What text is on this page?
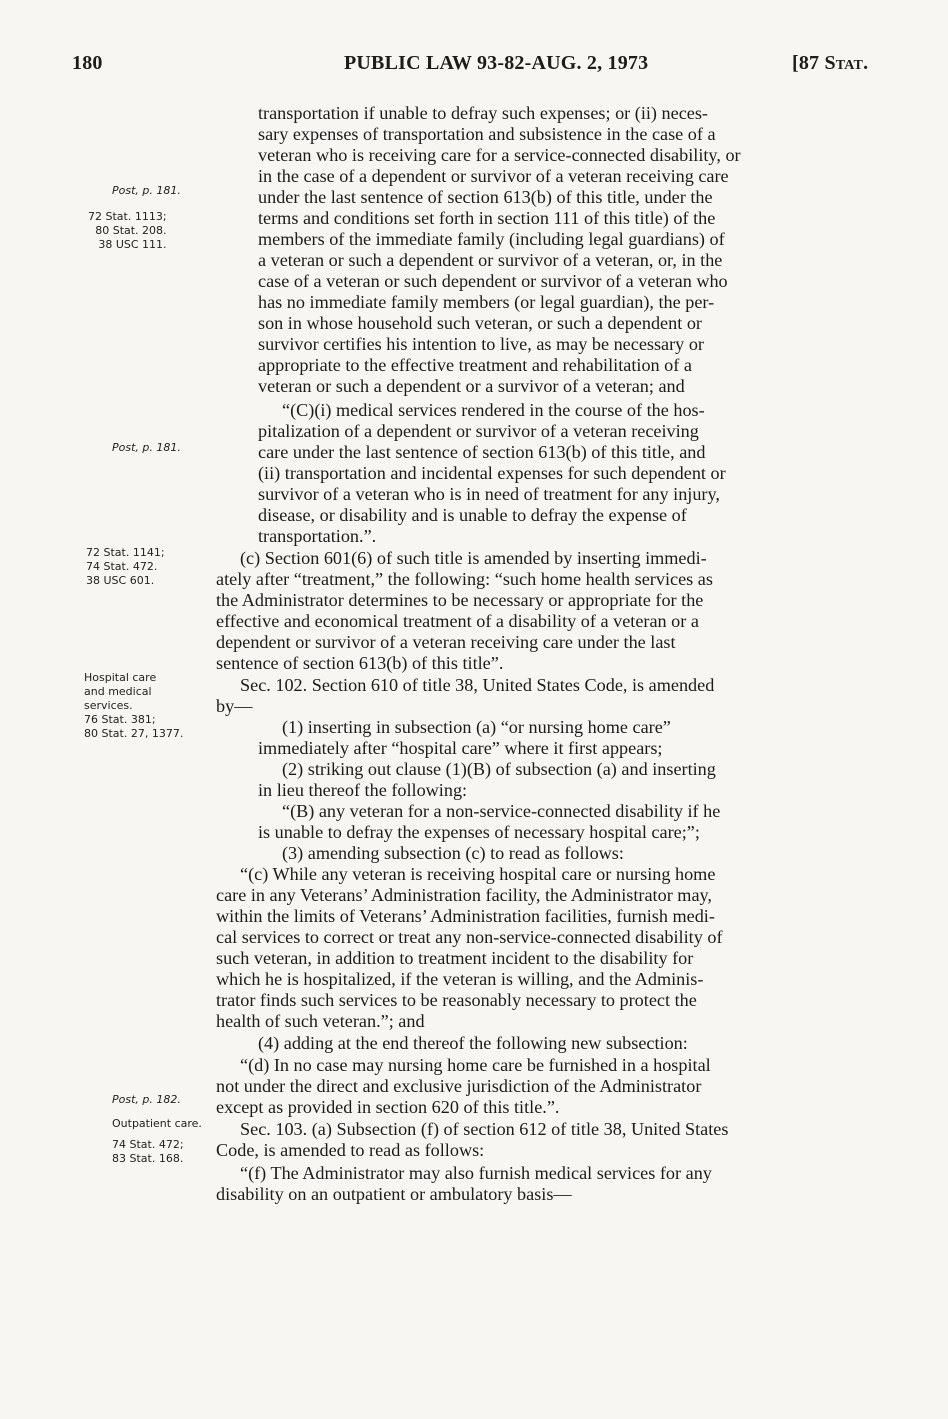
180	PUBLIC LAW 93-82-AUG. 2, 1973	[87 Stat.
Post, p. 181.
72 Stat. 1113;
80 Stat. 208.
38 USC 111.
Post, p. 181.
72 Stat. 1141;
74 Stat. 472.
38 USC 601.
Hospital care
and medical
services.
76 Stat. 381;
80 Stat. 27, 1377.
Post, p. 182.
Outpatient care.
74 Stat. 472;
83 Stat. 168.
transportation if unable to defray such expenses; or (ii) neces-
sary expenses of transportation and subsistence in the case of a
veteran who is receiving care for a service-connected disability, or
in the case of a dependent or survivor of a veteran receiving care
under the last sentence of section 613(b) of this title, under the
terms and conditions set forth in section 111 of this title) of the
members of the immediate family (including legal guardians) of
a veteran or such a dependent or survivor of a veteran, or, in the
case of a veteran or such dependent or survivor of a veteran who
has no immediate family members (or legal guardian), the per-
son in whose household such veteran, or such a dependent or
survivor certifies his intention to live, as may be necessary or
appropriate to the effective treatment and rehabilitation of a
veteran or such a dependent or a survivor of a veteran; and
“(C)(i) medical services rendered in the course of the hos-
pitalization of a dependent or survivor of a veteran receiving
care under the last sentence of section 613(b) of this title, and
(ii) transportation and incidental expenses for such dependent or
survivor of a veteran who is in need of treatment for any injury,
disease, or disability and is unable to defray the expense of
transportation.”.
(c) Section 601(6) of such title is amended by inserting immedi-
ately after “treatment,” the following: “such home health services as
the Administrator determines to be necessary or appropriate for the
effective and economical treatment of a disability of a veteran or a
dependent or survivor of a veteran receiving care under the last
sentence of section 613(b) of this title”.
Sec. 102. Section 610 of title 38, United States Code, is amended
by—
(1) inserting in subsection (a) “or nursing home care”
immediately after “hospital care” where it first appears;
(2) striking out clause (1)(B) of subsection (a) and inserting
in lieu thereof the following:
“(B) any veteran for a non-service-connected disability if he
is unable to defray the expenses of necessary hospital care;”;
(3) amending subsection (c) to read as follows:
“(c) While any veteran is receiving hospital care or nursing home
care in any Veterans’ Administration facility, the Administrator may,
within the limits of Veterans’ Administration facilities, furnish medi-
cal services to correct or treat any non-service-connected disability of
such veteran, in addition to treatment incident to the disability for
which he is hospitalized, if the veteran is willing, and the Adminis-
trator finds such services to be reasonably necessary to protect the
health of such veteran.”; and
(4) adding at the end thereof the following new subsection:
“(d) In no case may nursing home care be furnished in a hospital
not under the direct and exclusive jurisdiction of the Administrator
except as provided in section 620 of this title.”.
Sec. 103. (a) Subsection (f) of section 612 of title 38, United States
Code, is amended to read as follows:
“(f) The Administrator may also furnish medical services for any
disability on an outpatient or ambulatory basis—
